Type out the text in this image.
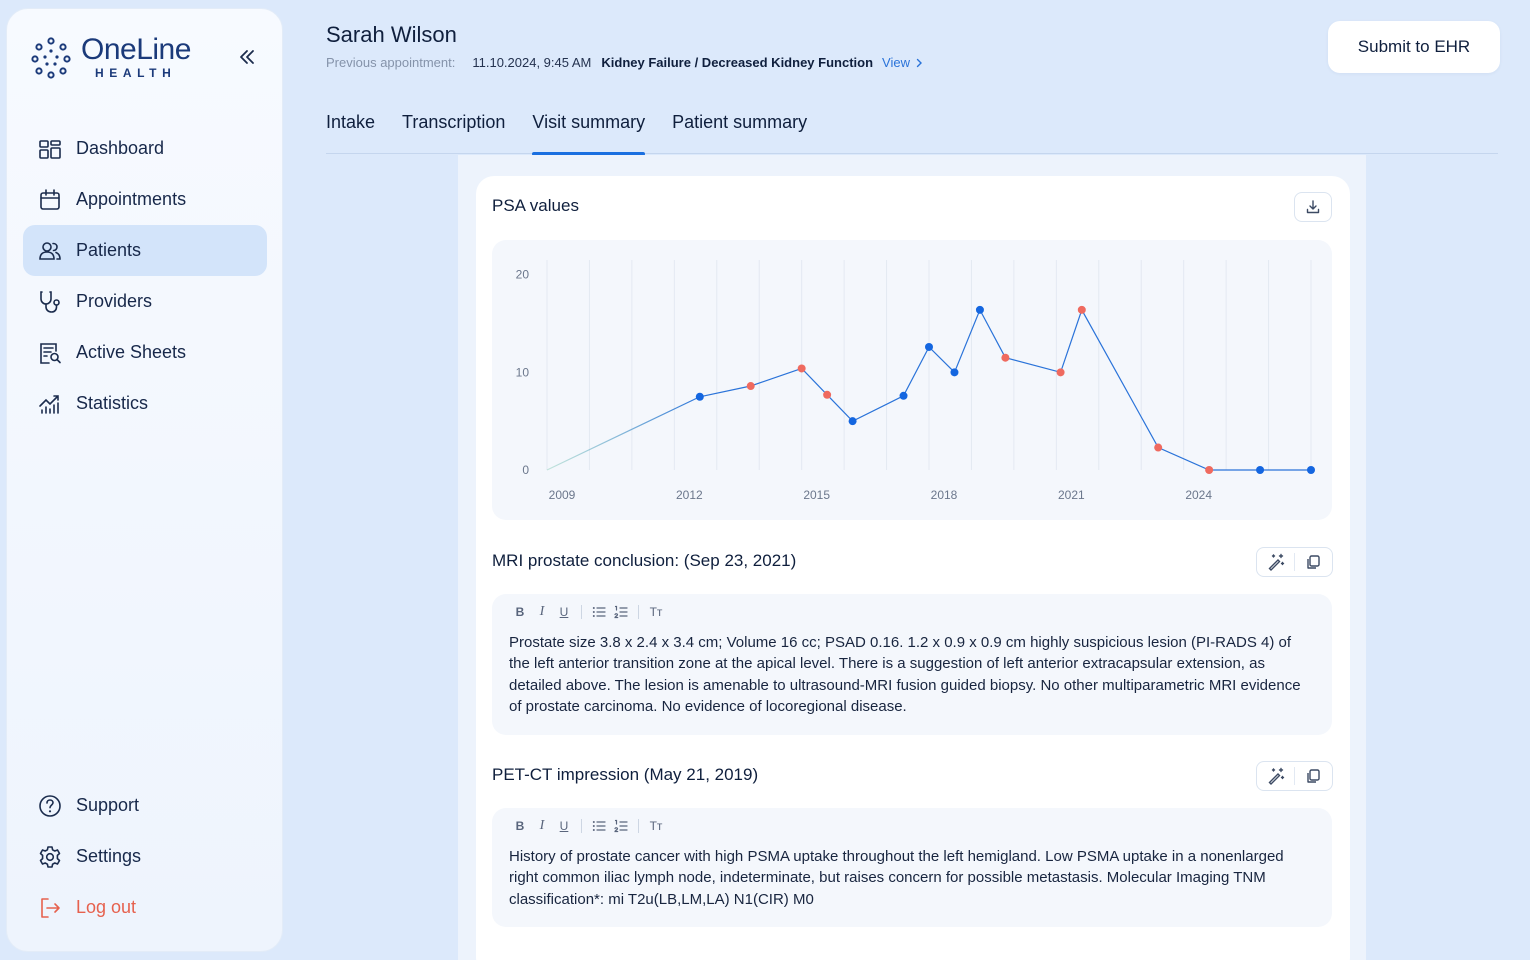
OneLine
HEALTH
Dashboard
Appointments
Patients
Providers
Active Sheets
Statistics
Support
Settings
Log out
Sarah Wilson
Previous appointment: 11.10.2024, 9:45 AM Kidney Failure / Decreased Kidney Function View
Submit to EHR
Intake Transcription Visit summary Patient summary
PSA values
0
10
20
2009	2012	2015	2018	2021	2024
MRI prostate conclusion: (Sep 23, 2021)
B	I	U	Tт
Prostate size 3.8 x 2.4 x 3.4 cm; Volume 16 cc; PSAD 0.16. 1.2 x 0.9 x 0.9 cm highly suspicious lesion (PI-RADS 4) of the left anterior transition zone at the apical level. There is a suggestion of left anterior extracapsular extension, as detailed above. The lesion is amenable to ultrasound-MRI fusion guided biopsy. No other multiparametric MRI evidence of prostate carcinoma. No evidence of locoregional disease.
PET-CT impression (May 21, 2019)
B	I	U	Tт
History of prostate cancer with high PSMA uptake throughout the left hemigland. Low PSMA uptake in a nonenlarged right common iliac lymph node, indeterminate, but raises concern for possible metastasis. Molecular Imaging TNM classification*: mi T2u(LB,LM,LA) N1(CIR) M0
